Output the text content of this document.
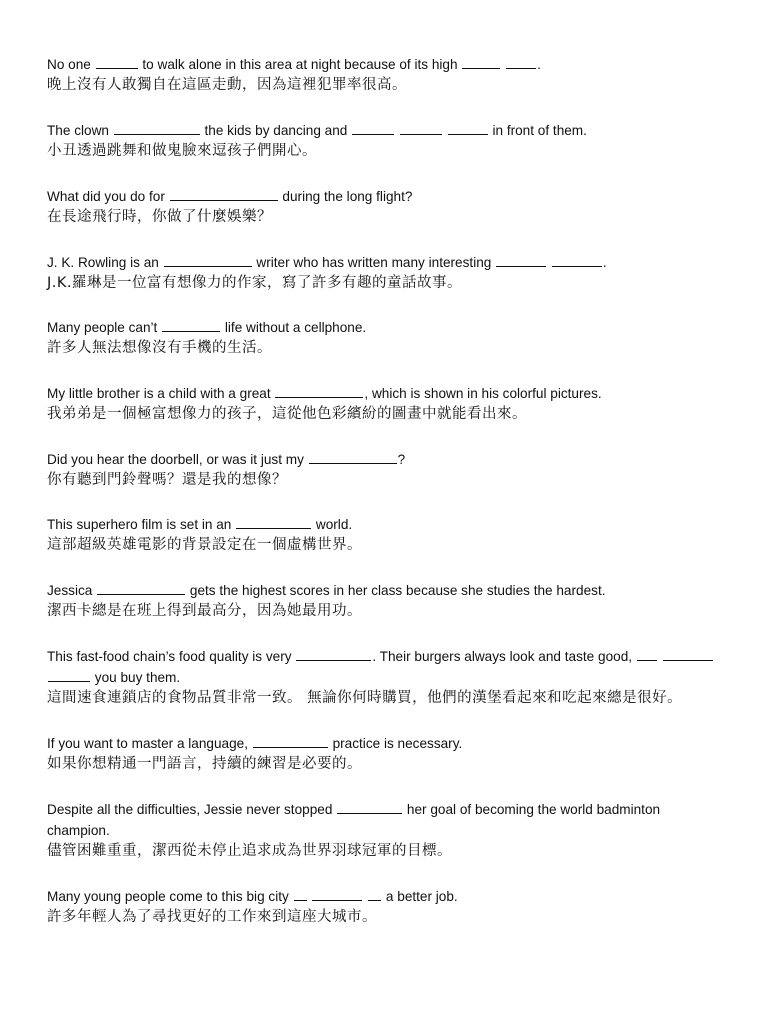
No one	to walk alone in this area at night because of its high	.

晚上沒有人敢獨自在這區走動，因為這裡犯罪率很高。

The clown	the kids by dancing and	in front of them.

小丑透過跳舞和做鬼臉來逗孩子們開心。

What did you do for	during the long flight?

在長途飛行時，你做了什麼娛樂？

J. K. Rowling is an	writer who has written many interesting	.

J.K.羅琳是一位富有想像力的作家，寫了許多有趣的童話故事。

Many people can’t	life without a cellphone.

許多人無法想像沒有手機的生活。

My little brother is a child with a great	, which is shown in his colorful pictures.

我弟弟是一個極富想像力的孩子，這從他色彩繽紛的圖畫中就能看出來。

Did you hear the doorbell, or was it just my	?

你有聽到門鈴聲嗎？還是我的想像？

This superhero film is set in an	world.

這部超級英雄電影的背景設定在一個虛構世界。

Jessica	gets the highest scores in her class because she studies the hardest.

潔西卡總是在班上得到最高分，因為她最用功。

This fast-food chain’s food quality is very	. Their burgers always look and taste good,    you buy them.

這間速食連鎖店的食物品質非常一致。 無論你何時購買，他們的漢堡看起來和吃起來總是很好。

If you want to master a language,	practice is necessary.

如果你想精通一門語言，持續的練習是必要的。

Despite all the difficulties, Jessie never stopped	her goal of becoming the world badminton champion.

儘管困難重重，潔西從未停止追求成為世界羽球冠軍的目標。

Many young people come to this big city	a better job.

許多年輕人為了尋找更好的工作來到這座大城市。
